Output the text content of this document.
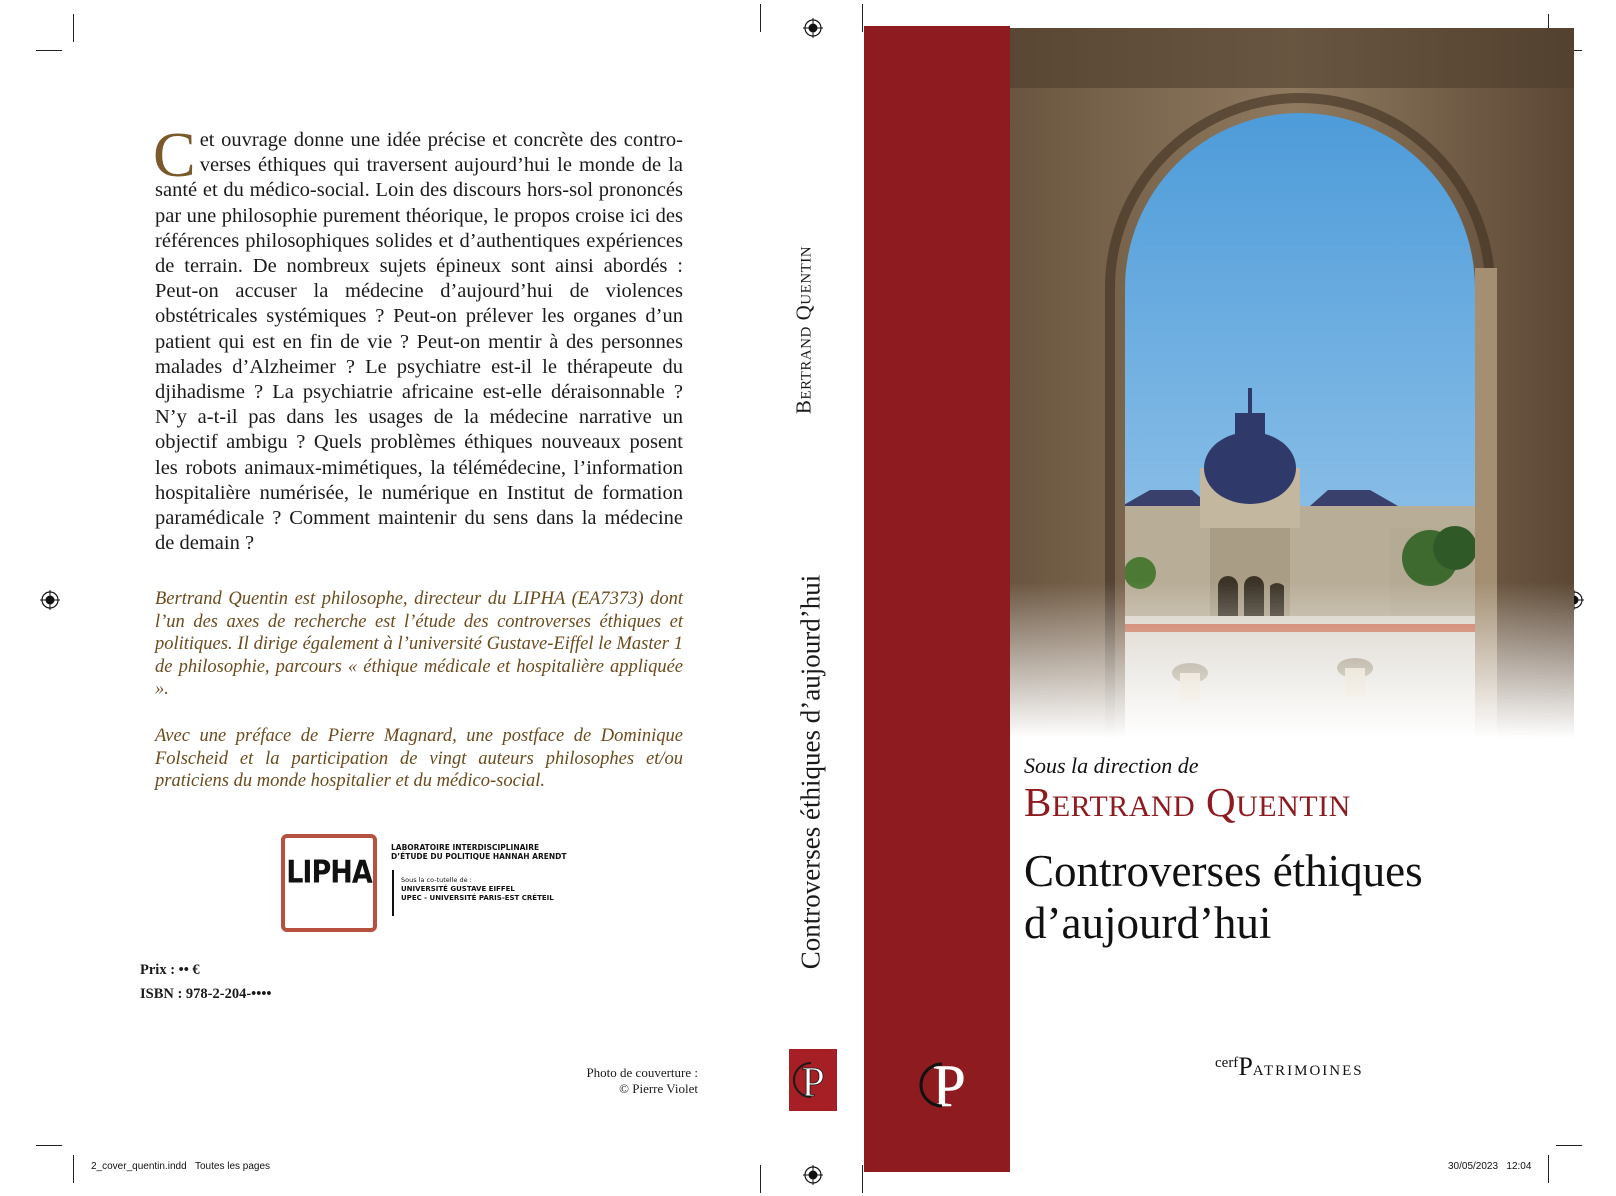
Cet ouvrage donne une idée précise et concrète des controverses éthiques qui traversent aujourd’hui le monde de la santé et du médico-social. Loin des discours hors-sol prononcés par une philosophie purement théorique, le propos croise ici des références philosophiques solides et d’authentiques expériences de terrain. De nombreux sujets épineux sont ainsi abordés : Peut-on accuser la médecine d’aujourd’hui de violences obstétricales systémiques ? Peut-on prélever les organes d’un patient qui est en fin de vie ? Peut-on mentir à des personnes malades d’Alzheimer ? Le psychiatre est-il le thérapeute du djihadisme ? La psychiatrie africaine est-elle déraisonnable ? N’y a-t-il pas dans les usages de la médecine narrative un objectif ambigu ? Quels problèmes éthiques nouveaux posent les robots animaux-mimétiques, la télémédecine, l’information hospitalière numérisée, le numérique en Institut de formation paramédicale ? Comment maintenir du sens dans la médecine de demain ?
Bertrand Quentin est philosophe, directeur du LIPHA (EA7373) dont l’un des axes de recherche est l’étude des controverses éthiques et politiques. Il dirige également à l’université Gustave-Eiffel le Master 1 de philosophie, parcours « éthique médicale et hospitalière appliquée ».
Avec une préface de Pierre Magnard, une postface de Dominique Folscheid et la participation de vingt auteurs philosophes et/ou praticiens du monde hospitalier et du médico-social.
LIPHA
LABORATOIRE INTERDISCIPLINAIRE
D’ÉTUDE DU POLITIQUE HANNAH ARENDT
Sous la co-tutelle de :
UNIVERSITÉ GUSTAVE EIFFEL
UPEC - UNIVERSITÉ PARIS-EST CRÉTEIL
Prix : •• €
ISBN : 978-2-204-••••
Photo de couverture :
© Pierre Violet
BERTRAND QUENTIN
Controverses éthiques d’aujourd’hui
P P
Sous la direction de
BERTRAND QUENTIN
Controverses éthiques
d’aujourd’hui
cerfPATRIMOINES
2_cover_quentin.indd Toutes les pages	30/05/2023 12:04
